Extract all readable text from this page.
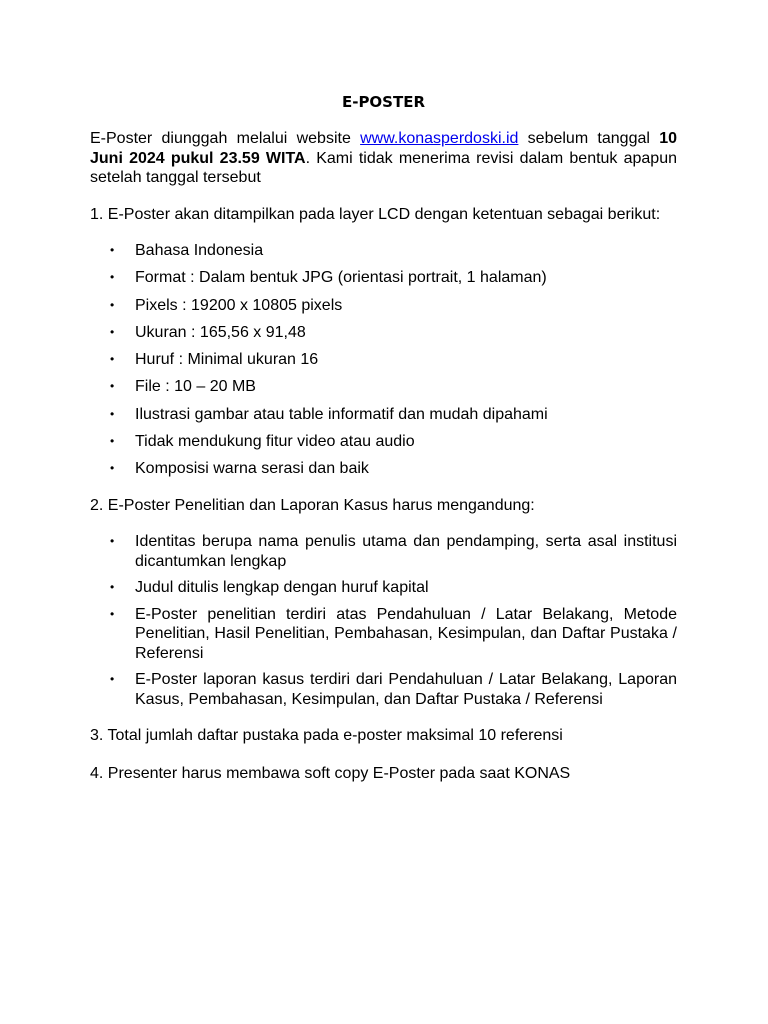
E-POSTER

E-Poster diunggah melalui website www.konasperdoski.id sebelum tanggal 10 Juni 2024 pukul 23.59 WITA. Kami tidak menerima revisi dalam bentuk apapun setelah tanggal tersebut

1. E-Poster akan ditampilkan pada layer LCD dengan ketentuan sebagai berikut:

• Bahasa Indonesia
• Format : Dalam bentuk JPG (orientasi portrait, 1 halaman)
• Pixels : 19200 x 10805 pixels
• Ukuran : 165,56 x 91,48
• Huruf : Minimal ukuran 16
• File : 10 – 20 MB
• Ilustrasi gambar atau table informatif dan mudah dipahami
• Tidak mendukung fitur video atau audio
• Komposisi warna serasi dan baik

2. E-Poster Penelitian dan Laporan Kasus harus mengandung:

• Identitas berupa nama penulis utama dan pendamping, serta asal institusi dicantumkan lengkap
• Judul ditulis lengkap dengan huruf kapital
• E-Poster penelitian terdiri atas Pendahuluan / Latar Belakang, Metode Penelitian, Hasil Penelitian, Pembahasan, Kesimpulan, dan Daftar Pustaka / Referensi
• E-Poster laporan kasus terdiri dari Pendahuluan / Latar Belakang, Laporan Kasus, Pembahasan, Kesimpulan, dan Daftar Pustaka / Referensi

3. Total jumlah daftar pustaka pada e-poster maksimal 10 referensi

4. Presenter harus membawa soft copy E-Poster pada saat KONAS
